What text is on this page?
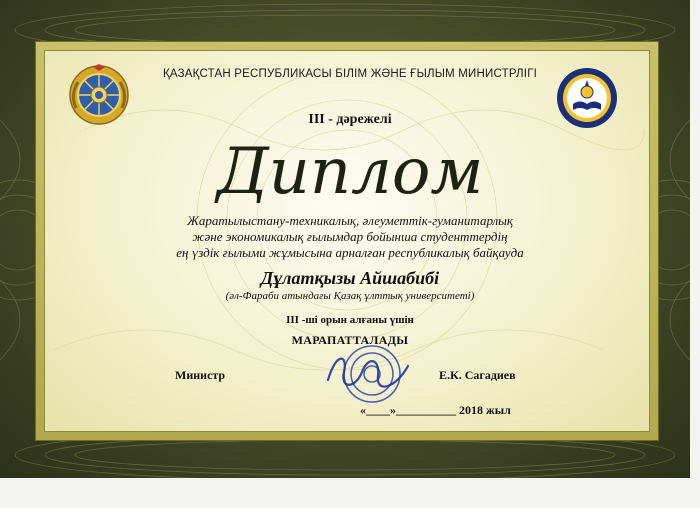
ҚАЗАҚСТАН РЕСПУБЛИКАСЫ БІЛІМ ЖӘНЕ ҒЫЛЫМ МИНИСТРЛІГІ
III - дәрежелі
Диплом
Жаратылыстану-техникалық, әлеуметтік-гуманитарлық
және экономикалық ғылымдар бойынша студенттердің
ең үздік ғылыми жұмысына арналған республикалық байқауда
Дұлатқызы Айшабибі
(әл-Фараби атындағы Қазақ ұлттық университеті)
III -ші орын алғаны үшін
МАРАПАТТАЛАДЫ
Министр	Е.К. Сагадиев
«____»__________ 2018 жыл
